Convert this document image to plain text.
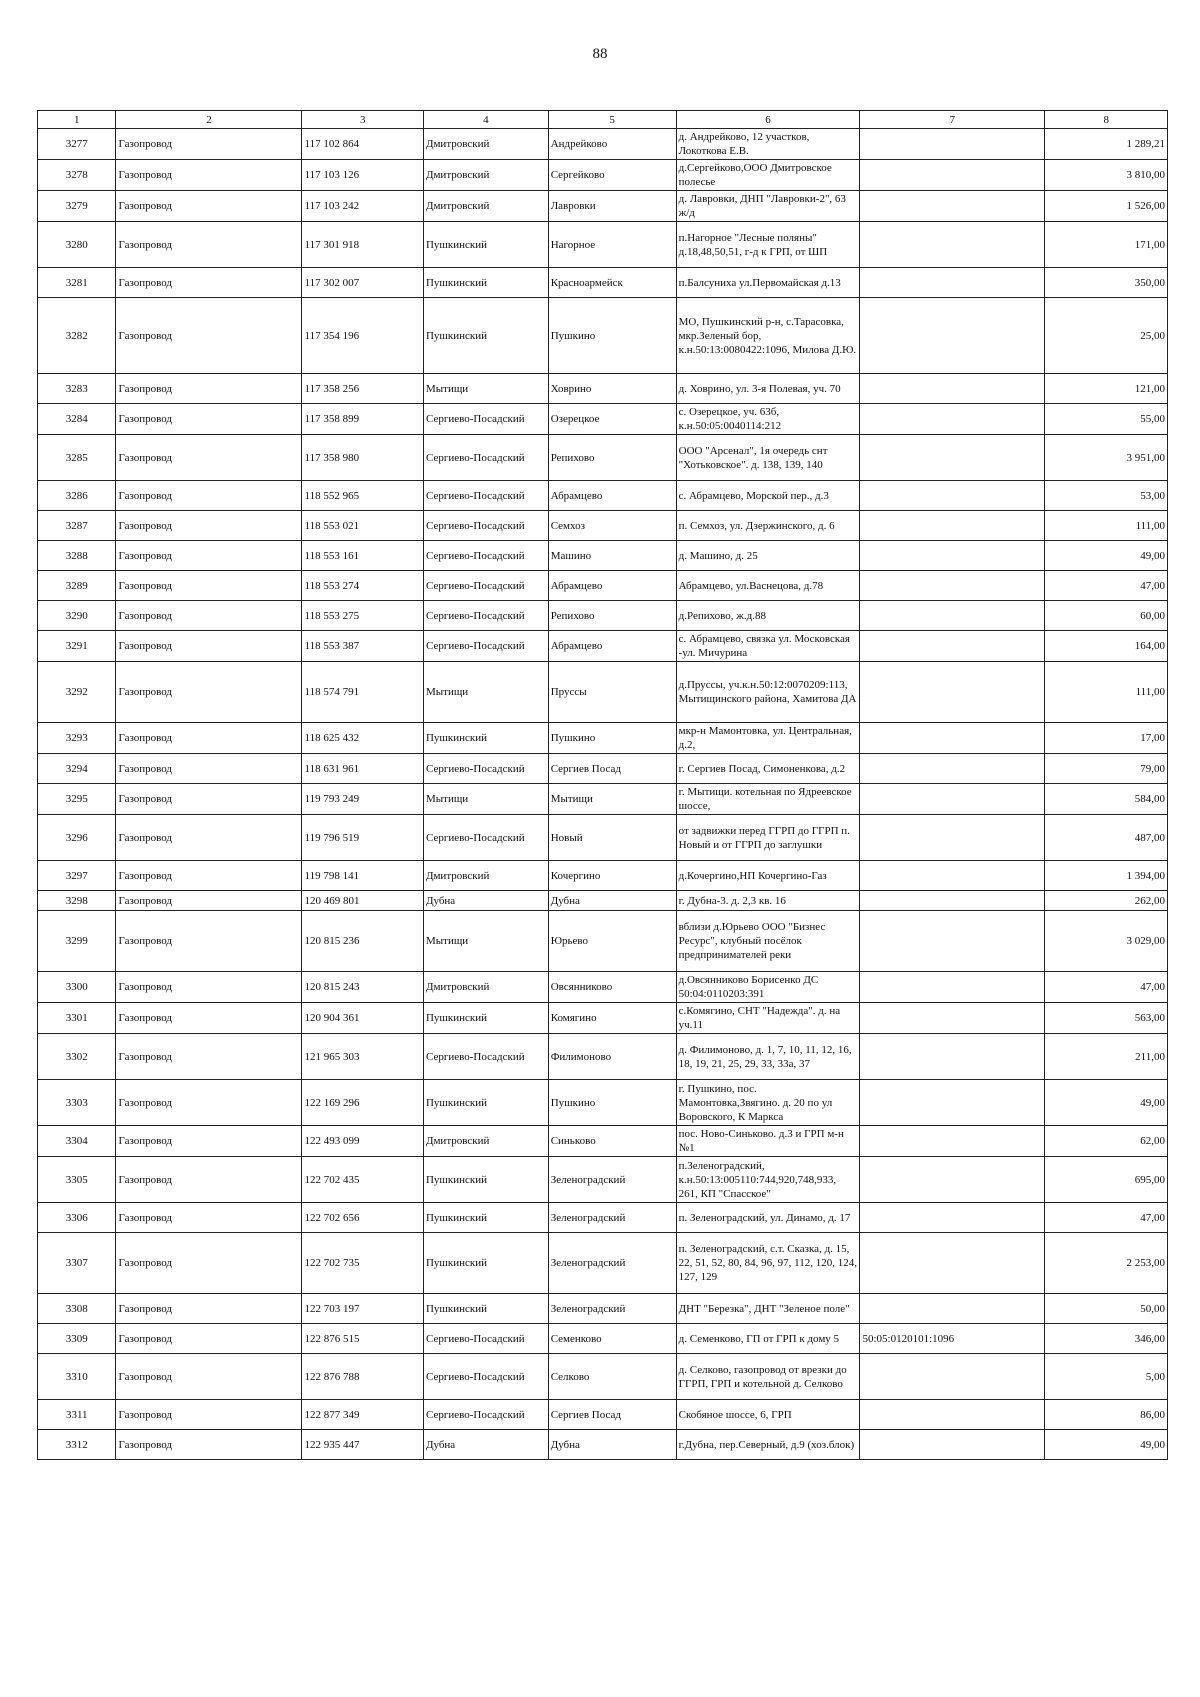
88
1	2	3	4	5	6	7	8
3277	Газопровод	117 102 864	Дмитровский	Андрейково	д. Андрейково, 12 участков, Локоткова Е.В.		1 289,21
3278	Газопровод	117 103 126	Дмитровский	Сергейково	д.Сергейково,ООО Дмитровское полесье		3 810,00
3279	Газопровод	117 103 242	Дмитровский	Лавровки	д. Лавровки, ДНП "Лавровки-2", 63 ж/д		1 526,00
3280	Газопровод	117 301 918	Пушкинский	Нагорное	п.Нагорное "Лесные поляны" д.18,48,50,51, г-д к ГРП, от ШП		171,00
3281	Газопровод	117 302 007	Пушкинский	Красноармейск	п.Балсуниха ул.Первомайская д.13		350,00
3282	Газопровод	117 354 196	Пушкинский	Пушкино	МО, Пушкинский р-н, с.Тарасовка, мкр.Зеленый бор, к.н.50:13:0080422:1096, Милова Д.Ю.		25,00
3283	Газопровод	117 358 256	Мытищи	Ховрино	д. Ховрино, ул. 3-я Полевая, уч. 70		121,00
3284	Газопровод	117 358 899	Сергиево-Посадский	Озерецкое	с. Озерецкое, уч. 63б, к.н.50:05:0040114:212		55,00
3285	Газопровод	117 358 980	Сергиево-Посадский	Репихово	ООО "Арсенал", 1я очередь снт "Хотьковское". д. 138, 139, 140		3 951,00
3286	Газопровод	118 552 965	Сергиево-Посадский	Абрамцево	с. Абрамцево, Морской пер., д.3		53,00
3287	Газопровод	118 553 021	Сергиево-Посадский	Семхоз	п. Семхоз, ул. Дзержинского, д. 6		111,00
3288	Газопровод	118 553 161	Сергиево-Посадский	Машино	д. Машино, д. 25		49,00
3289	Газопровод	118 553 274	Сергиево-Посадский	Абрамцево	Абрамцево, ул.Васнецова, д.78		47,00
3290	Газопровод	118 553 275	Сергиево-Посадский	Репихово	д.Репихово, ж.д.88		60,00
3291	Газопровод	118 553 387	Сергиево-Посадский	Абрамцево	с. Абрамцево, связка ул. Московская -ул. Мичурина		164,00
3292	Газопровод	118 574 791	Мытищи	Пруссы	д.Пруссы, уч.к.н.50:12:0070209:113, Мытищинского района, Хамитова ДА		111,00
3293	Газопровод	118 625 432	Пушкинский	Пушкино	мкр-н Мамонтовка, ул. Центральная, д.2,		17,00
3294	Газопровод	118 631 961	Сергиево-Посадский	Сергиев Посад	г. Сергиев Посад, Симоненкова, д.2		79,00
3295	Газопровод	119 793 249	Мытищи	Мытищи	г. Мытищи. котельная по Ядреевское шоссе,		584,00
3296	Газопровод	119 796 519	Сергиево-Посадский	Новый	от задвижки перед ГГРП до ГГРП п. Новый и от ГГРП до заглушки		487,00
3297	Газопровод	119 798 141	Дмитровский	Кочергино	д.Кочергино,НП Кочергино-Газ		1 394,00
3298	Газопровод	120 469 801	Дубна	Дубна	г. Дубна-3. д. 2,3 кв. 16		262,00
3299	Газопровод	120 815 236	Мытищи	Юрьево	вблизи д.Юрьево ООО "Бизнес Ресурс", клубный посёлок предпринимателей реки		3 029,00
3300	Газопровод	120 815 243	Дмитровский	Овсянниково	д.Овсянниково Борисенко ДС 50:04:0110203:391		47,00
3301	Газопровод	120 904 361	Пушкинский	Комягино	с.Комягино, СНТ "Надежда". д. на уч.11		563,00
3302	Газопровод	121 965 303	Сергиево-Посадский	Филимоново	д. Филимоново, д. 1, 7, 10, 11, 12, 16, 18, 19, 21, 25, 29, 33, 33а, 37		211,00
3303	Газопровод	122 169 296	Пушкинский	Пушкино	г. Пушкино, пос. Мамонтовка,Звягино. д. 20 по ул Воровского, К Маркса		49,00
3304	Газопровод	122 493 099	Дмитровский	Синьково	пос. Ново-Синьково. д.3 и ГРП м-н №1		62,00
3305	Газопровод	122 702 435	Пушкинский	Зеленоградский	п.Зеленоградский, к.н.50:13:005110:744,920,748,933, 261, КП "Спасское"		695,00
3306	Газопровод	122 702 656	Пушкинский	Зеленоградский	п. Зеленоградский, ул. Динамо, д. 17		47,00
3307	Газопровод	122 702 735	Пушкинский	Зеленоградский	п. Зеленоградский, с.т. Сказка, д. 15, 22, 51, 52, 80, 84, 96, 97, 112, 120, 124, 127, 129		2 253,00
3308	Газопровод	122 703 197	Пушкинский	Зеленоградский	ДНТ "Березка", ДНТ "Зеленое поле"		50,00
3309	Газопровод	122 876 515	Сергиево-Посадский	Семенково	д. Семенково, ГП от ГРП к дому 5	50:05:0120101:1096	346,00
3310	Газопровод	122 876 788	Сергиево-Посадский	Селково	д. Селково, газопровод от врезки до ГГРП, ГРП и котельной д. Селково		5,00
3311	Газопровод	122 877 349	Сергиево-Посадский	Сергиев Посад	Скобяное шоссе, 6, ГРП		86,00
3312	Газопровод	122 935 447	Дубна	Дубна	г.Дубна, пер.Северный, д.9 (хоз.блок)		49,00
